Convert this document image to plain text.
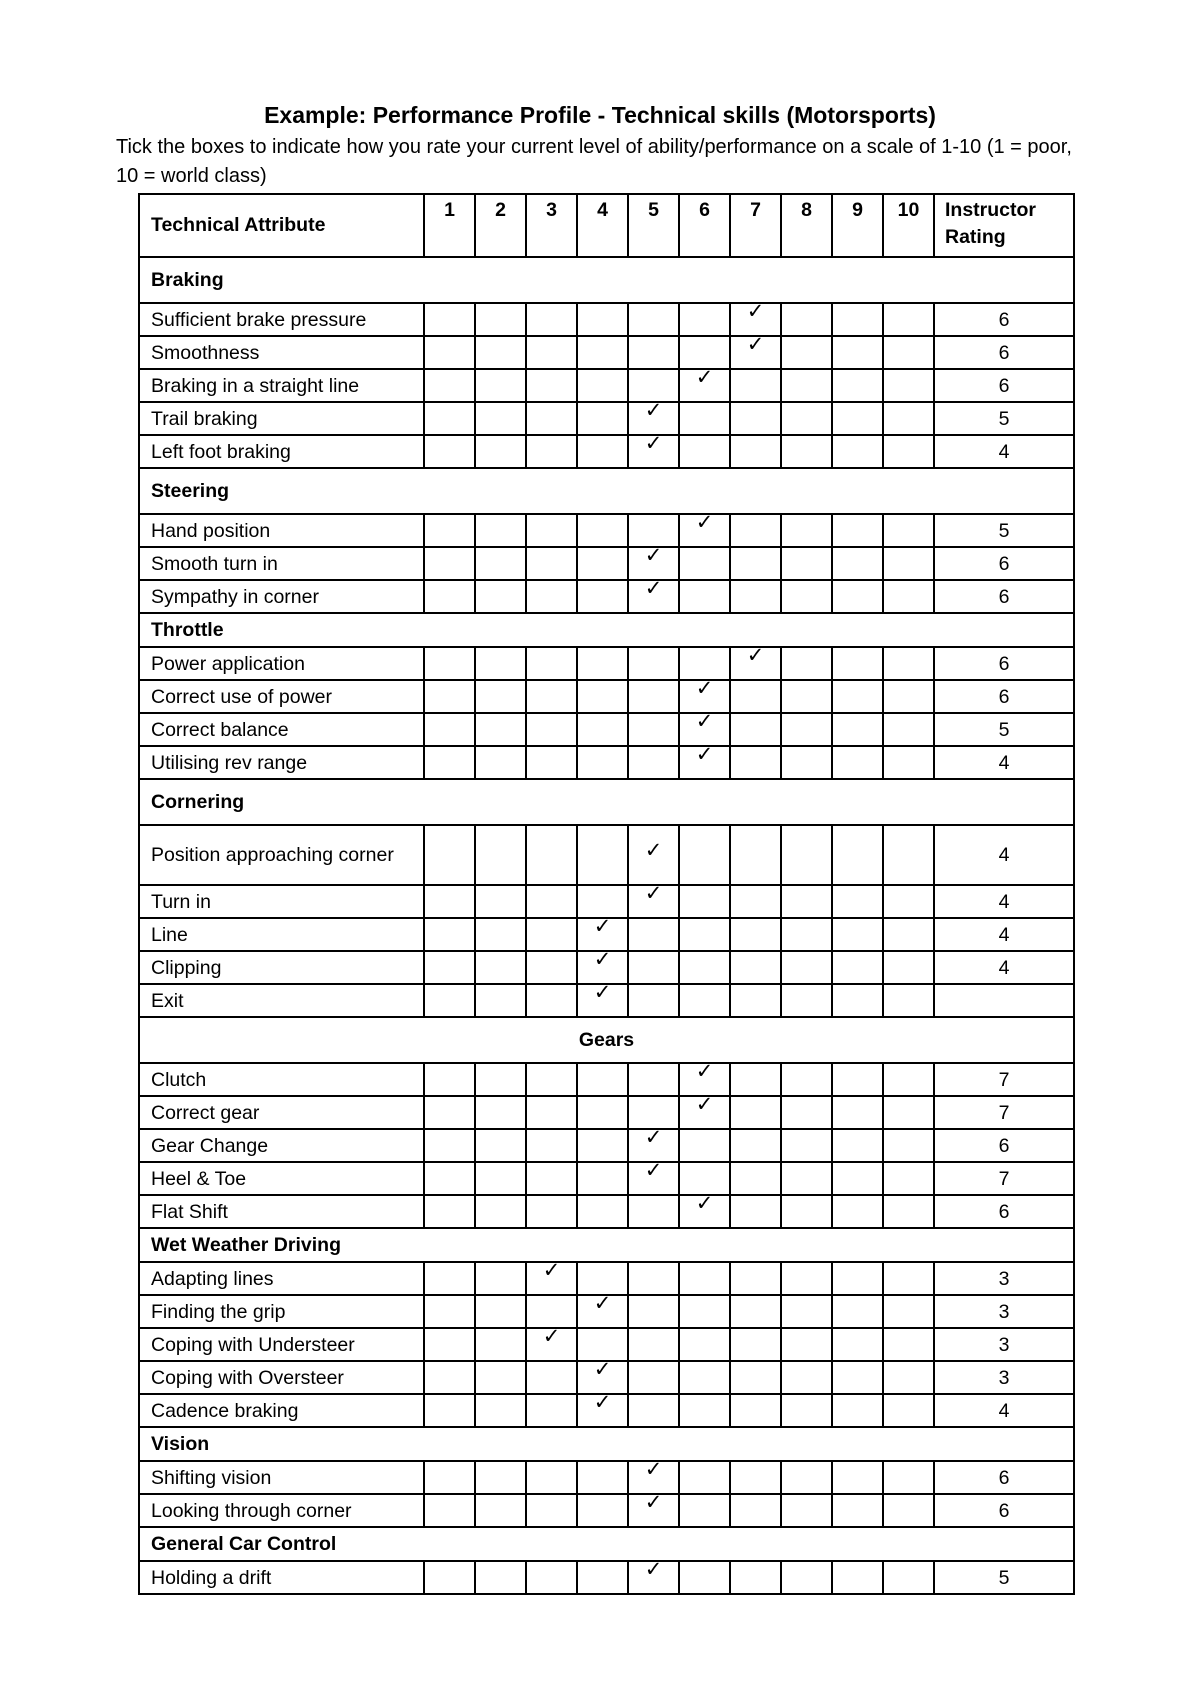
Example: Performance Profile - Technical skills (Motorsports)
Tick the boxes to indicate how you rate your current level of ability/performance on a scale of 1-10 (1 = poor, 10 = world class)
Technical Attribute	1	2	3	4	5	6	7	8	9	10	Instructor Rating
Braking											
Sufficient brake pressure							✓				6
Smoothness							✓				6
Braking in a straight line						✓					6
Trail braking					✓						5
Left foot braking					✓						4
Steering											
Hand position						✓					5
Smooth turn in					✓						6
Sympathy in corner					✓						6
Throttle											
Power application							✓				6
Correct use of power						✓					6
Correct balance						✓					5
Utilising rev range						✓					4
Cornering											
Position approaching corner					✓						4
Turn in					✓						4
Line				✓							4
Clipping				✓							4
Exit				✓							

Gears											
Clutch						✓					7
Correct gear						✓					7
Gear Change					✓						6
Heel & Toe					✓						7
Flat Shift						✓					6
Wet Weather Driving											
Adapting lines			✓								3
Finding the grip				✓							3
Coping with Understeer			✓								3
Coping with Oversteer				✓							3
Cadence braking				✓							4
Vision											
Shifting vision					✓						6
Looking through corner					✓						6
General Car Control											
Holding a drift					✓						5
